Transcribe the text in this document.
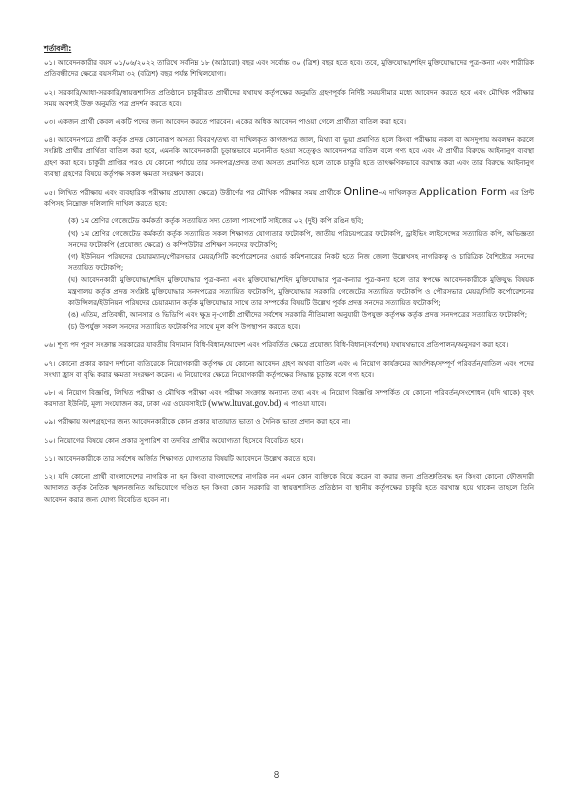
শর্তাবলী:
০১। আবেদনকারীর বয়স ০১/০৬/২০২২ তারিখে সর্বনিম্ন ১৮ (আঠারো) বছর এবং সর্বোচ্চ ৩০ (ত্রিশ) বছর হতে হবে। তবে, মুক্তিযোদ্ধা/শহিদ মুক্তিযোদ্ধাদের পুত্র-কন্যা এবং শারীরিক প্রতিবন্ধীদের ক্ষেত্রে বয়সসীমা ৩২ (বত্রিশ) বছর পর্যন্ত শিথিলযোগ্য।
০২। সরকারি/আধা-সরকারি/স্বায়ত্তশাসিত প্রতিষ্ঠানে চাকুরীরত প্রার্থীদের যথাযথ কর্তৃপক্ষের অনুমতি গ্রহণপূর্বক নির্দিষ্ট সময়সীমার মধ্যে আবেদন করতে হবে এবং মৌখিক পরীক্ষার সময় অবশ্যই উক্ত অনুমতি পত্র প্রদর্শন করতে হবে।
০৩। একজন প্রার্থী কেবল একটি পদের জন্য আবেদন করতে পারবেন। একের অধিক আবেদন পাওয়া গেলে প্রার্থীতা বাতিল করা হবে।
০৪। আবেদনপত্রে প্রার্থী কর্তৃক প্রদত্ত কোনোরূপ অসত্য বিবরণ/তথ্য বা দাখিলকৃত কাগজপত্র জাল, মিথ্যা বা ভুয়া প্রমাণিত হলে কিংবা পরীক্ষায় নকল বা অসদুপায় অবলম্বন করলে সংশ্লিষ্ট প্রার্থীর প্রার্থিতা বাতিল করা হবে, এমনকি আবেদনকারী চূড়ান্তভাবে মনোনীত হওয়া সত্ত্বেও আবেদনপত্র বাতিল বলে গণ্য হবে এবং ঐ প্রার্থীর বিরুদ্ধে আইনানুগ ব্যবস্থা গ্রহণ করা হবে। চাকুরী প্রাপ্তির পরও যে কোনো পর্যায়ে তার সনদপত্র/প্রদত্ত তথ্য অসত্য প্রমাণিত হলে তাকে চাকুরি হতে তাৎক্ষণিকভাবে বরখাস্ত করা এবং তার বিরুদ্ধে আইনানুগ ব্যবস্থা গ্রহণের বিষয়ে কর্তৃপক্ষ সকল ক্ষমতা সংরক্ষণ করবে।
০৫। লিখিত পরীক্ষায় এবং ব্যবহারিক পরীক্ষায় প্রযোজ্য ক্ষেত্রে) উত্তীর্ণের পর মৌখিক পরীক্ষার সময় প্রার্থীকে Online-এ দাখিলকৃত Application Form এর প্রিন্ট কপিসহ নিম্নোক্ত দলিলাদি দাখিল করতে হবে:
(ক) ১ম শ্রেণির গেজেটেড কর্মকর্তা কর্তৃক সত্যায়িত সদ্য তোলা পাসপোর্ট সাইজের ০২ (দুই) কপি রঙিন ছবি;
(খ) ১ম শ্রেণির গেজেটেড কর্মকর্তা কর্তৃক সত্যায়িত সকল শিক্ষাগত যোগ্যতার ফটোকপি, জাতীয় পরিচয়পত্রের ফটোকপি, ড্রাইভিং লাইসেন্সের সত্যায়িত কপি, অভিজ্ঞতা সনদের ফটোকপি (প্রযোজ্য ক্ষেত্রে) ও কম্পিউটার প্রশিক্ষণ সনদের ফটোকপি;
(গ) ইউনিয়ন পরিষদের চেয়ারম্যান/পৌরসভার মেয়র/সিটি কর্পোরেশনের ওয়ার্ড কমিশনারের নিকট হতে নিজ জেলা উল্লেখসহ নাগরিকত্ব ও চারিত্রিক বৈশিষ্ট্যের সনদের সত্যায়িত ফটোকপি;
(ঘ) আবেদনকারী মুক্তিযোদ্ধা/শহিদ মুক্তিযোদ্ধার পুত্র-কন্যা এবং মুক্তিযোদ্ধা/শহিদ মুক্তিযোদ্ধার পুত্র-কন্যার পুত্র-কন্যা হলে তার স্বপক্ষে আবেদনকারীকে মুক্তিযুদ্ধ বিষয়ক মন্ত্রণালয় কর্তৃক প্রদত্ত সংশ্লিষ্ট মুক্তিযোদ্ধার সনদপত্রের সত্যায়িত ফটোকপি, মুক্তিযোদ্ধার সরকারি গেজেটের সত্যায়িত ফটোকপি ও পৌরসভার মেয়র/সিটি কর্পোরেশনের কাউন্সিলর/ইউনিয়ন পরিষদের চেয়ারম্যান কর্তৃক মুক্তিযোদ্ধার সাথে তার সম্পর্কের বিষয়টি উল্লেখ পূর্বক প্রদত্ত সনদের সত্যায়িত ফটোকপি;
(ঙ) এতিম, প্রতিবন্ধী, আনসার ও ভিডিপি এবং ক্ষুদ্র নৃ-গোষ্ঠী প্রার্থীদের সর্বশেষ সরকারি নীতিমালা অনুযায়ী উপযুক্ত কর্তৃপক্ষ কর্তৃক প্রদত্ত সনদপত্রের সত্যায়িত ফটোকপি;
(চ) উপর্যুক্ত সকল সনদের সত্যায়িত ফটোকপির সাথে মূল কপি উপস্থাপন করতে হবে।
০৬। শূণ্য পদ পূরণ সংক্রান্ত সরকারের যাবতীয় বিদ্যমান বিধি-বিধান/আদেশ এবং পরিবর্তিত ক্ষেত্রে প্রযোজ্য বিধি-বিধান(সর্বশেষ) যথাযথভাবে প্রতিপালন/অনুসরণ করা হবে।
০৭। কোনো প্রকার কারণ দর্শানো ব্যতিরেকে নিয়োগকারী কর্তৃপক্ষ যে কোনো আবেদন গ্রহণ অথবা বাতিল এবং এ নিয়োগ কার্যক্রমের আংশিক/সম্পূর্ণ পরিবর্তন/বাতিল এবং পদের সংখ্যা হ্রাস বা বৃদ্ধি করার ক্ষমতা সংরক্ষণ করেন। এ নিয়োগের ক্ষেত্রে নিয়োগকারী কর্তৃপক্ষের সিদ্ধান্ত চূড়ান্ত বলে গণ্য হবে।
০৮। এ নিয়োগ বিজ্ঞপ্তি, লিখিত পরীক্ষা ও মৌখিক পরীক্ষা এবং পরীক্ষা সংক্রান্ত অন্যান্য তথ্য এবং এ নিয়োগ বিজ্ঞপ্তি সম্পর্কিত যে কোনো পরিবর্তন/সংশোধন (যদি থাকে) বৃহৎ করদাতা ইউনিট, মূল্য সংযোজন কর, ঢাকা এর ওয়েবসাইটে (www.ltuvat.gov.bd) এ পাওয়া যাবে।
০৯। পরীক্ষায় অংশগ্রহণের জন্য আবেদনকারীকে কোন প্রকার যাতায়াত ভাতা ও দৈনিক ভাতা প্রদান করা হবে না।
১০। নিয়োগের বিষয়ে কোন প্রকার সুপারিশ বা তদবির প্রার্থীর অযোগ্যতা হিসেবে বিবেচিত হবে।
১১। আবেদনকারীকে তার সর্বশেষ অর্জিত শিক্ষাগত যোগ্যতার বিষয়টি আবেদনে উল্লেখ করতে হবে।
১২। যদি কোনো প্রার্থী বাংলাদেশের নাগরিক না হন কিংবা বাংলাদেশের নাগরিক নন এমন কোন ব্যক্তিকে বিয়ে করেন বা করার জন্য প্রতিশ্রুতিবদ্ধ হন কিংবা কোনো ফৌজদারী আদালত কর্তৃক নৈতিক স্খলনজনিত অভিযোগে দণ্ডিত হন কিংবা কোন সরকারি বা স্বায়ত্তশাসিত প্রতিষ্ঠান বা স্থানীয় কর্তৃপক্ষের চাকুরি হতে বরখাস্ত হয়ে থাকেন তাহলে তিনি আবেদন করার জন্য যোগ্য বিবেচিত হবেন না।
৪
